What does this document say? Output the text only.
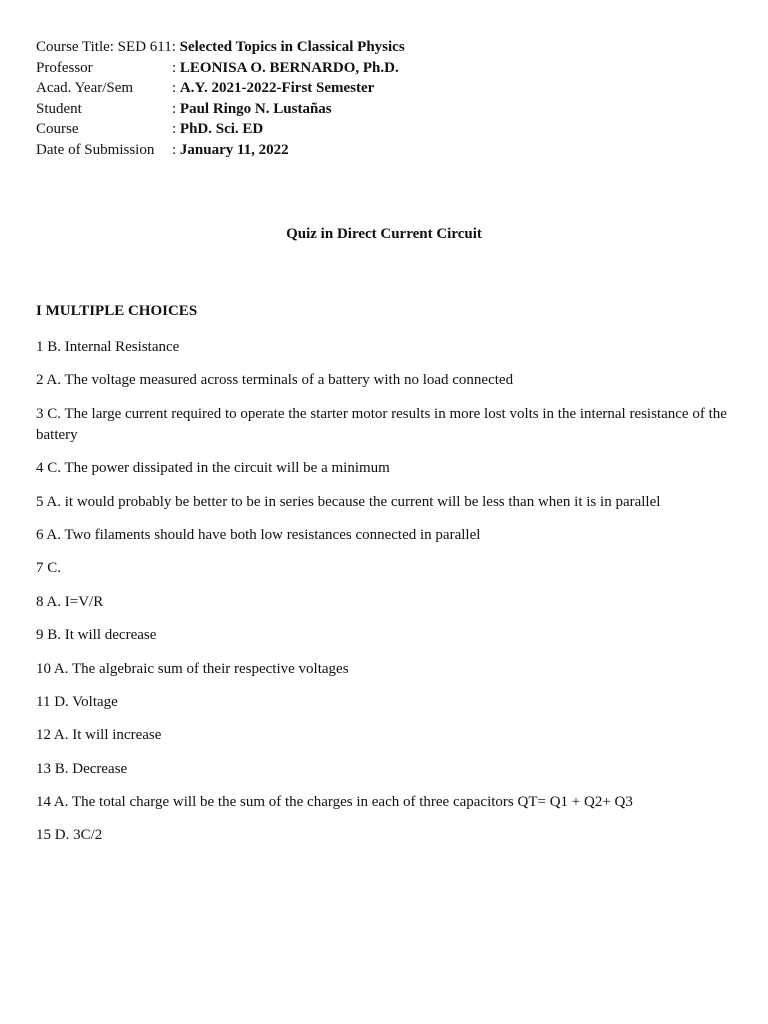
Course Title: SED 611: Selected Topics in Classical Physics
Professor	: LEONISA O. BERNARDO, Ph.D.
Acad. Year/Sem	: A.Y. 2021-2022-First Semester
Student	: Paul Ringo N. Lustañas
Course	: PhD. Sci. ED
Date of Submission	: January 11, 2022
Quiz in Direct Current Circuit
I MULTIPLE CHOICES
1 B. Internal Resistance
2 A. The voltage measured across terminals of a battery with no load connected
3 C. The large current required to operate the starter motor results in more lost volts in the internal resistance of the battery
4 C. The power dissipated in the circuit will be a minimum
5 A. it would probably be better to be in series because the current will be less than when it is in parallel
6 A. Two filaments should have both low resistances connected in parallel
7 C.
8 A. I=V/R
9 B. It will decrease
10 A. The algebraic sum of their respective voltages
11 D. Voltage
12 A. It will increase
13 B. Decrease
14 A. The total charge will be the sum of the charges in each of three capacitors QT= Q1 + Q2+ Q3
15 D. 3C/2
